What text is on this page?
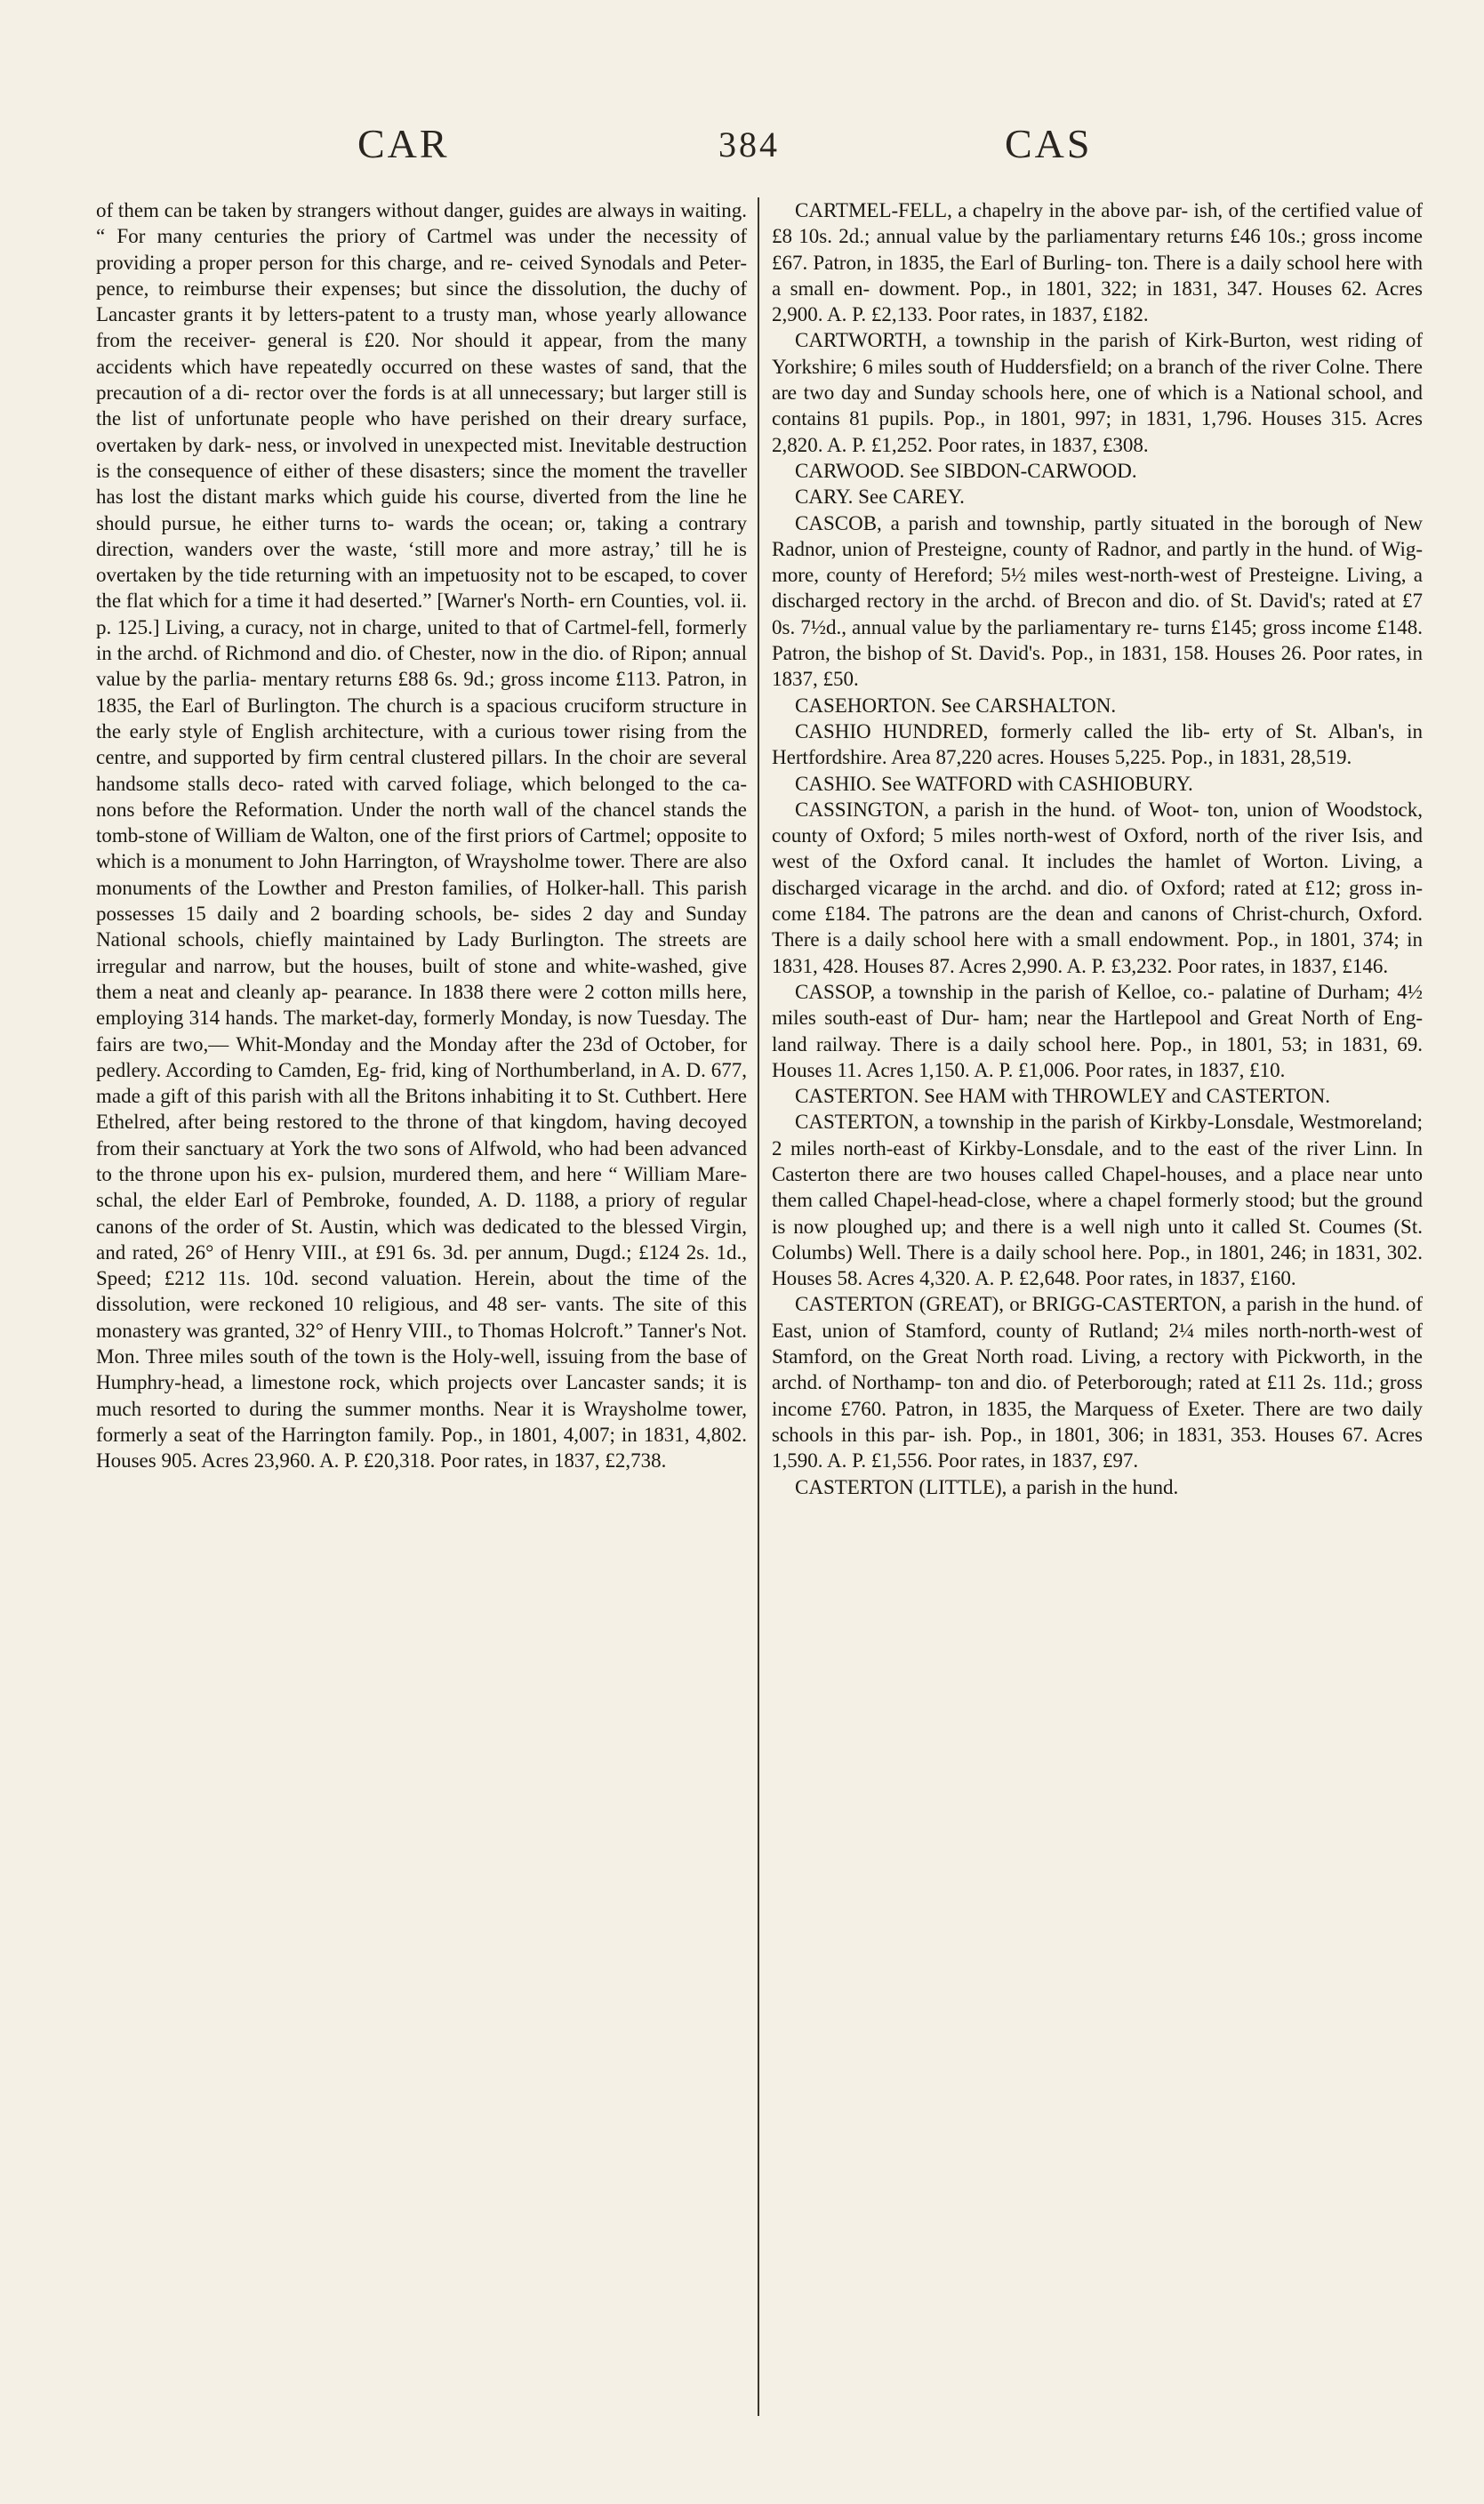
CAR	384	CAS

of them can be taken by strangers without danger, guides are always in waiting. “ For many centuries the priory of Cartmel was under the necessity of providing a proper person for this charge, and re- ceived Synodals and Peter-pence, to reimburse their expenses; but since the dissolution, the duchy of Lancaster grants it by letters-patent to a trusty man, whose yearly allowance from the receiver- general is £20. Nor should it appear, from the many accidents which have repeatedly occurred on these wastes of sand, that the precaution of a di- rector over the fords is at all unnecessary; but larger still is the list of unfortunate people who have perished on their dreary surface, overtaken by dark- ness, or involved in unexpected mist. Inevitable destruction is the consequence of either of these disasters; since the moment the traveller has lost the distant marks which guide his course, diverted from the line he should pursue, he either turns to- wards the ocean; or, taking a contrary direction, wanders over the waste, ‘still more and more astray,’ till he is overtaken by the tide returning with an impetuosity not to be escaped, to cover the flat which for a time it had deserted.” [Warner's North- ern Counties, vol. ii. p. 125.] Living, a curacy, not in charge, united to that of Cartmel-fell, formerly in the archd. of Richmond and dio. of Chester, now in the dio. of Ripon; annual value by the parlia- mentary returns £88 6s. 9d.; gross income £113. Patron, in 1835, the Earl of Burlington. The church is a spacious cruciform structure in the early style of English architecture, with a curious tower rising from the centre, and supported by firm central clustered pillars. In the choir are several handsome stalls deco- rated with carved foliage, which belonged to the ca- nons before the Reformation. Under the north wall of the chancel stands the tomb-stone of William de Walton, one of the first priors of Cartmel; opposite to which is a monument to John Harrington, of Wraysholme tower. There are also monuments of the Lowther and Preston families, of Holker-hall. This parish possesses 15 daily and 2 boarding schools, be- sides 2 day and Sunday National schools, chiefly maintained by Lady Burlington. The streets are irregular and narrow, but the houses, built of stone and white-washed, give them a neat and cleanly ap- pearance. In 1838 there were 2 cotton mills here, employing 314 hands. The market-day, formerly Monday, is now Tuesday. The fairs are two,— Whit-Monday and the Monday after the 23d of October, for pedlery. According to Camden, Eg- frid, king of Northumberland, in A. D. 677, made a gift of this parish with all the Britons inhabiting it to St. Cuthbert. Here Ethelred, after being restored to the throne of that kingdom, having decoyed from their sanctuary at York the two sons of Alfwold, who had been advanced to the throne upon his ex- pulsion, murdered them, and here “ William Mare- schal, the elder Earl of Pembroke, founded, A. D. 1188, a priory of regular canons of the order of St. Austin, which was dedicated to the blessed Virgin, and rated, 26° of Henry VIII., at £91 6s. 3d. per annum, Dugd.; £124 2s. 1d., Speed; £212 11s. 10d. second valuation. Herein, about the time of the dissolution, were reckoned 10 religious, and 48 ser- vants. The site of this monastery was granted, 32° of Henry VIII., to Thomas Holcroft.” Tanner's Not. Mon. Three miles south of the town is the Holy-well, issuing from the base of Humphry-head, a limestone rock, which projects over Lancaster sands; it is much resorted to during the summer months. Near it is Wraysholme tower, formerly a seat of the Harrington family. Pop., in 1801, 4,007; in 1831, 4,802. Houses 905. Acres 23,960. A. P. £20,318. Poor rates, in 1837, £2,738.

CARTMEL-FELL, a chapelry in the above par- ish, of the certified value of £8 10s. 2d.; annual value by the parliamentary returns £46 10s.; gross income £67. Patron, in 1835, the Earl of Burling- ton. There is a daily school here with a small en- dowment. Pop., in 1801, 322; in 1831, 347. Houses 62. Acres 2,900. A. P. £2,133. Poor rates, in 1837, £182.

CARTWORTH, a township in the parish of Kirk-Burton, west riding of Yorkshire; 6 miles south of Huddersfield; on a branch of the river Colne. There are two day and Sunday schools here, one of which is a National school, and contains 81 pupils. Pop., in 1801, 997; in 1831, 1,796. Houses 315. Acres 2,820. A. P. £1,252. Poor rates, in 1837, £308.

CARWOOD. See SIBDON-CARWOOD.

CARY. See CAREY.

CASCOB, a parish and township, partly situated in the borough of New Radnor, union of Presteigne, county of Radnor, and partly in the hund. of Wig- more, county of Hereford; 5½ miles west-north-west of Presteigne. Living, a discharged rectory in the archd. of Brecon and dio. of St. David's; rated at £7 0s. 7½d., annual value by the parliamentary re- turns £145; gross income £148. Patron, the bishop of St. David's. Pop., in 1831, 158. Houses 26. Poor rates, in 1837, £50.

CASEHORTON. See CARSHALTON.

CASHIO HUNDRED, formerly called the lib- erty of St. Alban's, in Hertfordshire. Area 87,220 acres. Houses 5,225. Pop., in 1831, 28,519.

CASHIO. See WATFORD with CASHIOBURY.

CASSINGTON, a parish in the hund. of Woot- ton, union of Woodstock, county of Oxford; 5 miles north-west of Oxford, north of the river Isis, and west of the Oxford canal. It includes the hamlet of Worton. Living, a discharged vicarage in the archd. and dio. of Oxford; rated at £12; gross in- come £184. The patrons are the dean and canons of Christ-church, Oxford. There is a daily school here with a small endowment. Pop., in 1801, 374; in 1831, 428. Houses 87. Acres 2,990. A. P. £3,232. Poor rates, in 1837, £146.

CASSOP, a township in the parish of Kelloe, co.- palatine of Durham; 4½ miles south-east of Dur- ham; near the Hartlepool and Great North of Eng- land railway. There is a daily school here. Pop., in 1801, 53; in 1831, 69. Houses 11. Acres 1,150. A. P. £1,006. Poor rates, in 1837, £10.

CASTERTON. See HAM with THROWLEY and CASTERTON.

CASTERTON, a township in the parish of Kirkby-Lonsdale, Westmoreland; 2 miles north-east of Kirkby-Lonsdale, and to the east of the river Linn. In Casterton there are two houses called Chapel-houses, and a place near unto them called Chapel-head-close, where a chapel formerly stood; but the ground is now ploughed up; and there is a well nigh unto it called St. Coumes (St. Columbs) Well. There is a daily school here. Pop., in 1801, 246; in 1831, 302. Houses 58. Acres 4,320. A. P. £2,648. Poor rates, in 1837, £160.

CASTERTON (GREAT), or BRIGG-CASTERTON, a parish in the hund. of East, union of Stamford, county of Rutland; 2¼ miles north-north-west of Stamford, on the Great North road. Living, a rectory with Pickworth, in the archd. of Northamp- ton and dio. of Peterborough; rated at £11 2s. 11d.; gross income £760. Patron, in 1835, the Marquess of Exeter. There are two daily schools in this par- ish. Pop., in 1801, 306; in 1831, 353. Houses 67. Acres 1,590. A. P. £1,556. Poor rates, in 1837, £97.

CASTERTON (LITTLE), a parish in the hund.
